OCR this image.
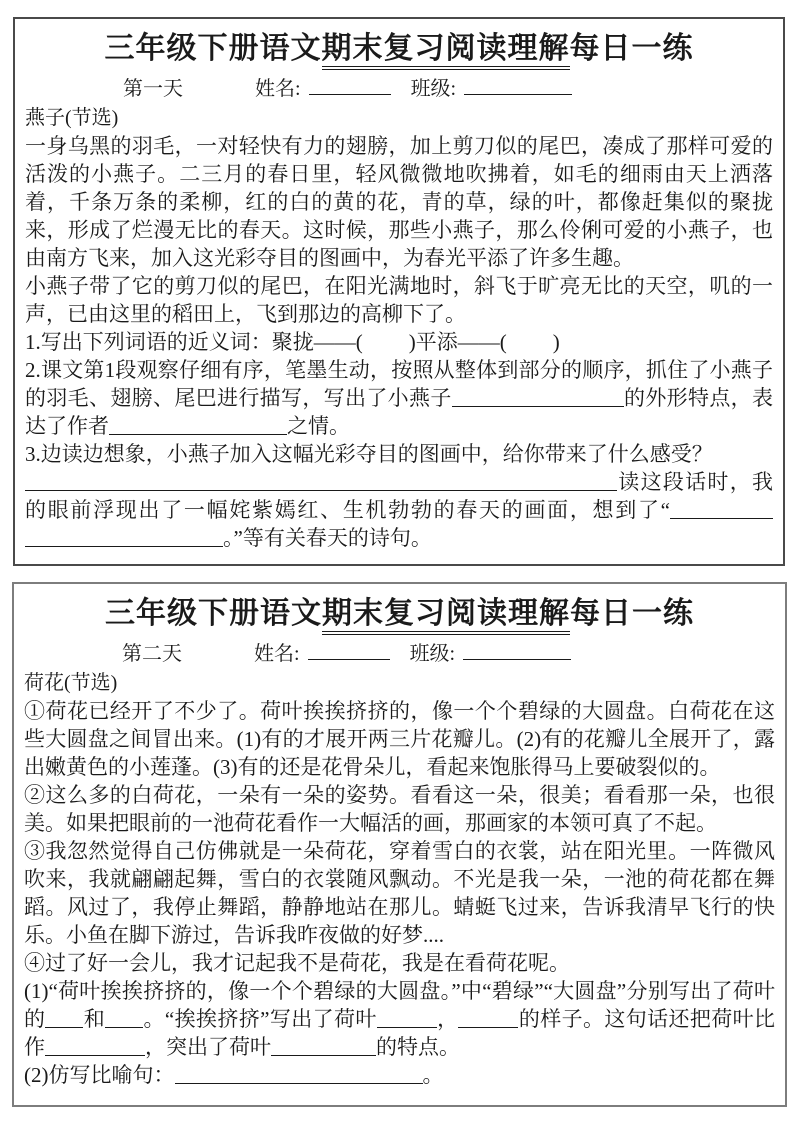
三年级下册语文期末复习阅读理解每日一练
第一天	姓名:	班级:
燕子(节选)
一身乌黑的羽毛，一对轻快有力的翅膀，加上剪刀似的尾巴，凑成了那样可爱的活泼的小燕子。二三月的春日里，轻风微微地吹拂着，如毛的细雨由天上洒落着，千条万条的柔柳，红的白的黄的花，青的草，绿的叶，都像赶集似的聚拢来，形成了烂漫无比的春天。这时候，那些小燕子，那么伶俐可爱的小燕子，也由南方飞来，加入这光彩夺目的图画中，为春光平添了许多生趣。
小燕子带了它的剪刀似的尾巴，在阳光满地时，斜飞于旷亮无比的天空，叽的一声，已由这里的稻田上，飞到那边的高柳下了。
1.写出下列词语的近义词：聚拢——( )平添——( )
2.课文第1段观察仔细有序，笔墨生动，按照从整体到部分的顺序，抓住了小燕子的羽毛、翅膀、尾巴进行描写，写出了小燕子	的外形特点，表达了作者	之情。
3.边读边想象，小燕子加入这幅光彩夺目的图画中，给你带来了什么感受？
读这段话时，我的眼前浮现出了一幅姹紫嫣红、生机勃勃的春天的画面，想到了“。”等有关春天的诗句。
三年级下册语文期末复习阅读理解每日一练
第二天	姓名:	班级:
荷花(节选)
①荷花已经开了不少了。荷叶挨挨挤挤的，像一个个碧绿的大圆盘。白荷花在这些大圆盘之间冒出来。(1)有的才展开两三片花瓣儿。(2)有的花瓣儿全展开了，露出嫩黄色的小莲蓬。(3)有的还是花骨朵儿，看起来饱胀得马上要破裂似的。
②这么多的白荷花，一朵有一朵的姿势。看看这一朵，很美；看看那一朵，也很美。如果把眼前的一池荷花看作一大幅活的画，那画家的本领可真了不起。
③我忽然觉得自己仿佛就是一朵荷花，穿着雪白的衣裳，站在阳光里。一阵微风吹来，我就翩翩起舞，雪白的衣裳随风飘动。不光是我一朵，一池的荷花都在舞蹈。风过了，我停止舞蹈，静静地站在那儿。蜻蜓飞过来，告诉我清早飞行的快乐。小鱼在脚下游过，告诉我昨夜做的好梦....
④过了好一会儿，我才记起我不是荷花，我是在看荷花呢。
(1)“荷叶挨挨挤挤的，像一个个碧绿的大圆盘。”中“碧绿”“大圆盘”分别写出了荷叶的 和 。“挨挨挤挤”写出了荷叶	，	的样子。这句话还把荷叶比作	，突出了荷叶	的特点。
(2)仿写比喻句：	。
